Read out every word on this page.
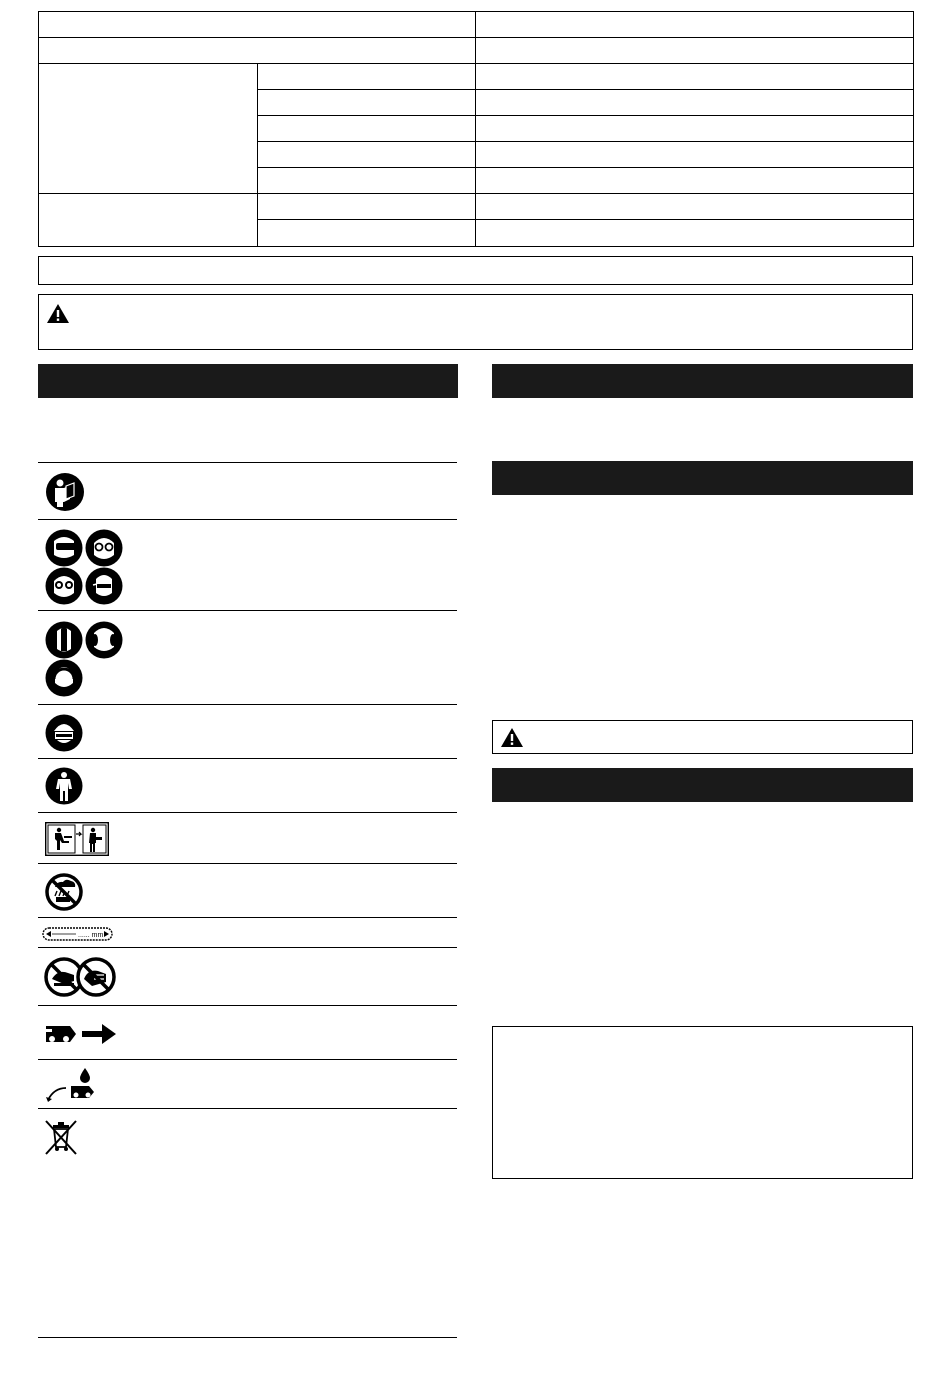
...... mm
